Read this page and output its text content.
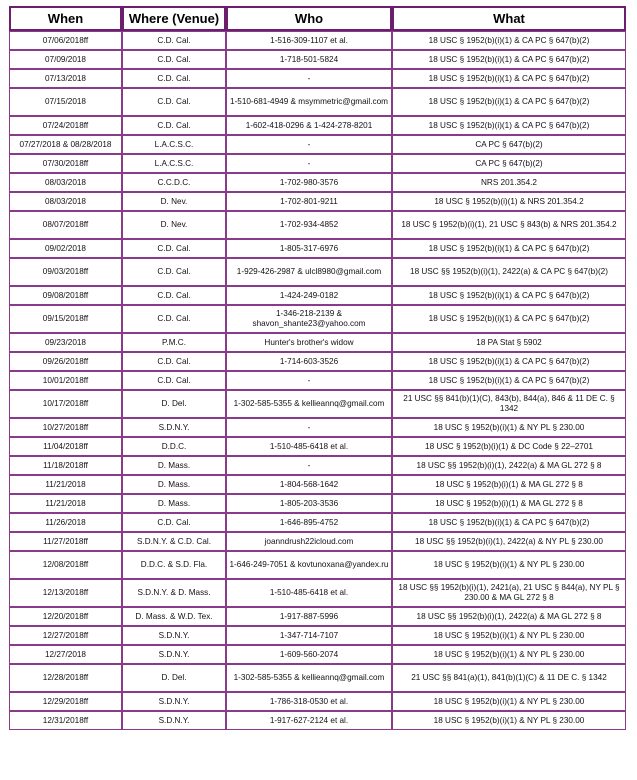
When	Where (Venue)	Who	What
07/06/2018ff	C.D. Cal.	1-516-309-1107 et al.	18 USC § 1952(b)(i)(1) & CA PC § 647(b)(2)
07/09/2018	C.D. Cal.	1-718-501-5824	18 USC § 1952(b)(i)(1) & CA PC § 647(b)(2)
07/13/2018	C.D. Cal.	-	18 USC § 1952(b)(i)(1) & CA PC § 647(b)(2)
07/15/2018	C.D. Cal.	1-510-681-4949 & msymmetric@gmail.com	18 USC § 1952(b)(i)(1) & CA PC § 647(b)(2)
07/24/2018ff	C.D. Cal.	1-602-418-0296 & 1-424-278-8201	18 USC § 1952(b)(i)(1) & CA PC § 647(b)(2)
07/27/2018 & 08/28/2018	L.A.C.S.C.	-	CA PC § 647(b)(2)
07/30/2018ff	L.A.C.S.C.	-	CA PC § 647(b)(2)
08/03/2018	C.C.D.C.	1-702-980-3576	NRS 201.354.2
08/03/2018	D. Nev.	1-702-801-9211	18 USC § 1952(b)(i)(1) & NRS 201.354.2
08/07/2018ff	D. Nev.	1-702-934-4852	18 USC § 1952(b)(i)(1), 21 USC § 843(b) & NRS 201.354.2
09/02/2018	C.D. Cal.	1-805-317-6976	18 USC § 1952(b)(i)(1) & CA PC § 647(b)(2)
09/03/2018ff	C.D. Cal.	1-929-426-2987 & ulcl8980@gmail.com	18 USC §§ 1952(b)(i)(1), 2422(a) & CA PC § 647(b)(2)
09/08/2018ff	C.D. Cal.	1-424-249-0182	18 USC § 1952(b)(i)(1) & CA PC § 647(b)(2)
09/15/2018ff	C.D. Cal.	1-346-218-2139 & shavon_shante23@yahoo.com	18 USC § 1952(b)(i)(1) & CA PC § 647(b)(2)
09/23/2018	P.M.C.	Hunter's brother's widow	18 PA Stat § 5902
09/26/2018ff	C.D. Cal.	1-714-603-3526	18 USC § 1952(b)(i)(1) & CA PC § 647(b)(2)
10/01/2018ff	C.D. Cal.	-	18 USC § 1952(b)(i)(1) & CA PC § 647(b)(2)
10/17/2018ff	D. Del.	1-302-585-5355 & kellieannq@gmail.com	21 USC §§ 841(b)(1)(C), 843(b), 844(a), 846 & 11 DE C. § 1342
10/27/2018ff	S.D.N.Y.	-	18 USC § 1952(b)(i)(1) & NY PL § 230.00
11/04/2018ff	D.D.C.	1-510-485-6418 et al.	18 USC § 1952(b)(i)(1) & DC Code § 22–2701
11/18/2018ff	D. Mass.	-	18 USC §§ 1952(b)(i)(1), 2422(a) & MA GL 272 § 8
11/21/2018	D. Mass.	1-804-568-1642	18 USC § 1952(b)(i)(1) & MA GL 272 § 8
11/21/2018	D. Mass.	1-805-203-3536	18 USC § 1952(b)(i)(1) & MA GL 272 § 8
11/26/2018	C.D. Cal.	1-646-895-4752	18 USC § 1952(b)(i)(1) & CA PC § 647(b)(2)
11/27/2018ff	S.D.N.Y. & C.D. Cal.	joanndrush22icloud.com	18 USC §§ 1952(b)(i)(1), 2422(a) & NY PL § 230.00
12/08/2018ff	D.D.C. & S.D. Fla.	1-646-249-7051 & kovtunoxana@yandex.ru	18 USC § 1952(b)(i)(1) & NY PL § 230.00
12/13/2018ff	S.D.N.Y. & D. Mass.	1-510-485-6418 et al.	18 USC §§ 1952(b)(i)(1), 2421(a), 21 USC § 844(a), NY PL § 230.00 & MA GL 272 § 8
12/20/2018ff	D. Mass. & W.D. Tex.	1-917-887-5996	18 USC §§ 1952(b)(i)(1), 2422(a) & MA GL 272 § 8
12/27/2018ff	S.D.N.Y.	1-347-714-7107	18 USC § 1952(b)(i)(1) & NY PL § 230.00
12/27/2018	S.D.N.Y.	1-609-560-2074	18 USC § 1952(b)(i)(1) & NY PL § 230.00
12/28/2018ff	D. Del.	1-302-585-5355 & kellieannq@gmail.com	21 USC §§ 841(a)(1), 841(b)(1)(C) & 11 DE C. § 1342
12/29/2018ff	S.D.N.Y.	1-786-318-0530 et al.	18 USC § 1952(b)(i)(1) & NY PL § 230.00
12/31/2018ff	S.D.N.Y.	1-917-627-2124 et al.	18 USC § 1952(b)(i)(1) & NY PL § 230.00
